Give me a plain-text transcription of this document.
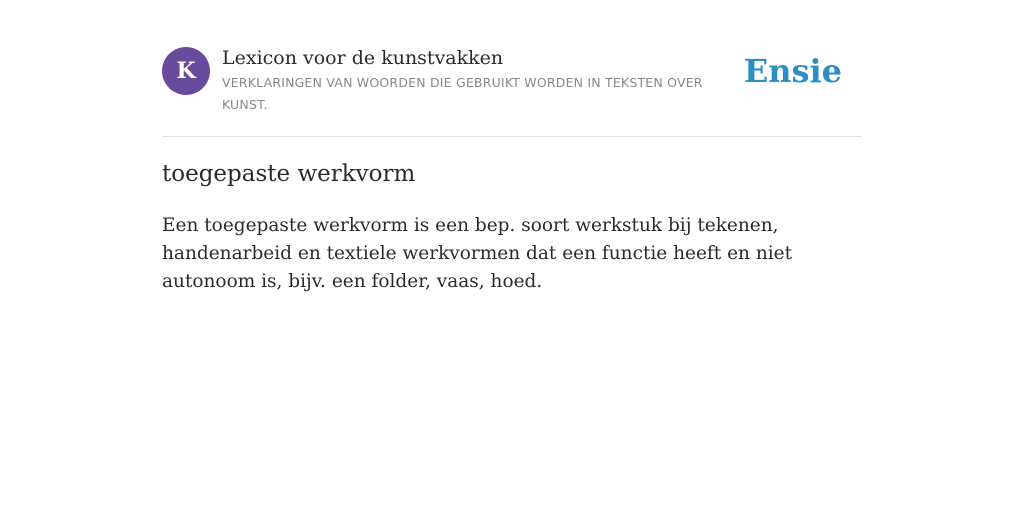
K Lexicon voor de kunstvakken
VERKLARINGEN VAN WOORDEN DIE GEBRUIKT WORDEN IN TEKSTEN OVER KUNST.
Ensie
toegepaste werkvorm

Een toegepaste werkvorm is een bep. soort werkstuk bij tekenen, handenarbeid en textiele werkvormen dat een functie heeft en niet autonoom is, bijv. een folder, vaas, hoed.
